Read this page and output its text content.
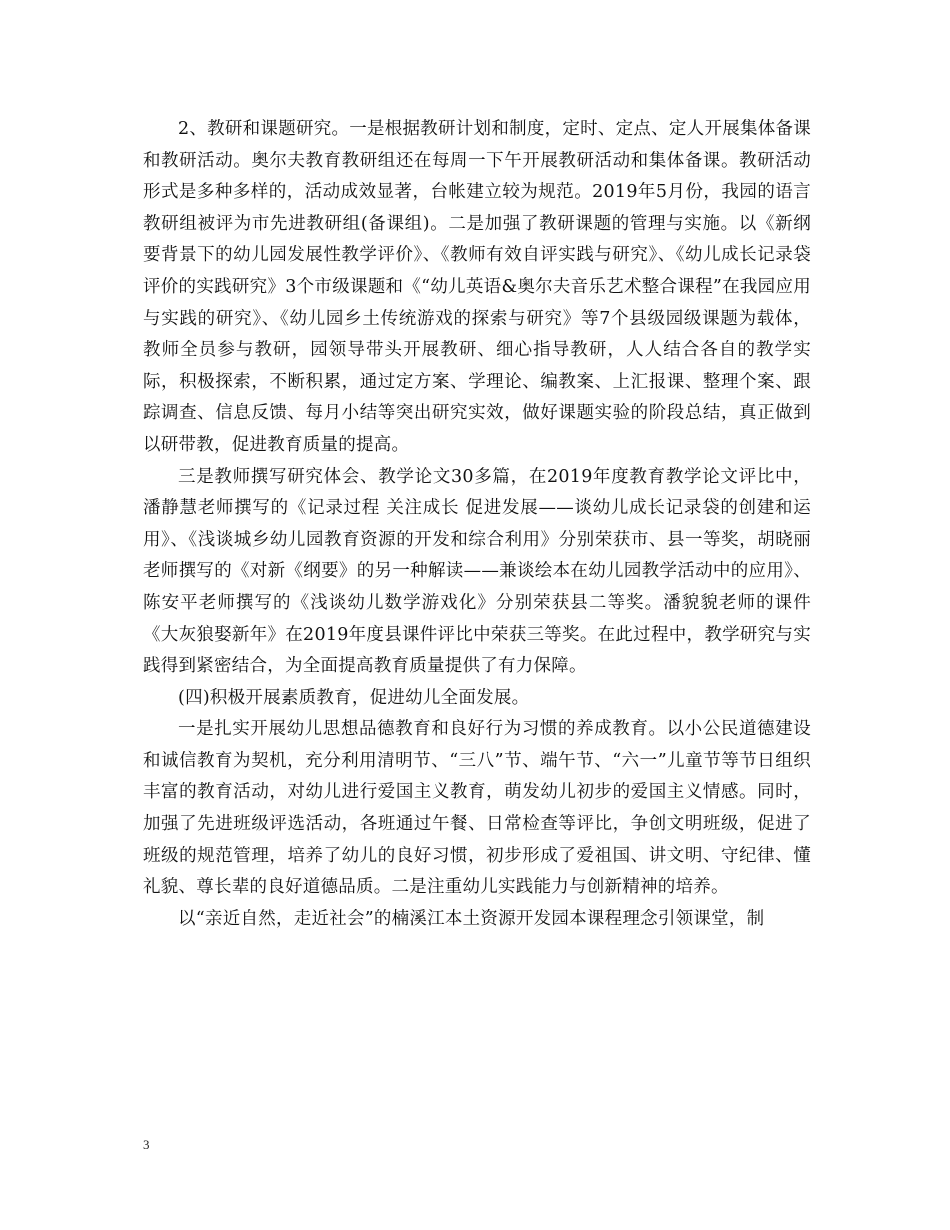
2、教研和课题研究。一是根据教研计划和制度，定时、定点、定人开展集体备课和教研活动。奥尔夫教育教研组还在每周一下午开展教研活动和集体备课。教研活动形式是多种多样的，活动成效显著，台帐建立较为规范。2019年5月份，我园的语言教研组被评为市先进教研组(备课组)。二是加强了教研课题的管理与实施。以《新纲要背景下的幼儿园发展性教学评价》、《教师有效自评实践与研究》、《幼儿成长记录袋评价的实践研究》3个市级课题和《“幼儿英语&奥尔夫音乐艺术整合课程”在我园应用与实践的研究》、《幼儿园乡土传统游戏的探索与研究》等7个县级园级课题为载体，教师全员参与教研，园领导带头开展教研、细心指导教研，人人结合各自的教学实际，积极探索，不断积累，通过定方案、学理论、编教案、上汇报课、整理个案、跟踪调查、信息反馈、每月小结等突出研究实效，做好课题实验的阶段总结，真正做到以研带教，促进教育质量的提高。

三是教师撰写研究体会、教学论文30多篇，在2019年度教育教学论文评比中，潘静慧老师撰写的《记录过程 关注成长 促进发展——谈幼儿成长记录袋的创建和运用》、《浅谈城乡幼儿园教育资源的开发和综合利用》分别荣获市、县一等奖，胡晓丽老师撰写的《对新《纲要》的另一种解读——兼谈绘本在幼儿园教学活动中的应用》、陈安平老师撰写的《浅谈幼儿数学游戏化》分别荣获县二等奖。潘貌貌老师的课件《大灰狼娶新年》在2019年度县课件评比中荣获三等奖。在此过程中，教学研究与实践得到紧密结合，为全面提高教育质量提供了有力保障。

(四)积极开展素质教育，促进幼儿全面发展。

一是扎实开展幼儿思想品德教育和良好行为习惯的养成教育。以小公民道德建设和诚信教育为契机，充分利用清明节、“三八”节、端午节、“六一”儿童节等节日组织丰富的教育活动，对幼儿进行爱国主义教育，萌发幼儿初步的爱国主义情感。同时，加强了先进班级评选活动，各班通过午餐、日常检查等评比，争创文明班级，促进了班级的规范管理，培养了幼儿的良好习惯，初步形成了爱祖国、讲文明、守纪律、懂礼貌、尊长辈的良好道德品质。二是注重幼儿实践能力与创新精神的培养。

以“亲近自然，走近社会”的楠溪江本土资源开发园本课程理念引领课堂，制

3
